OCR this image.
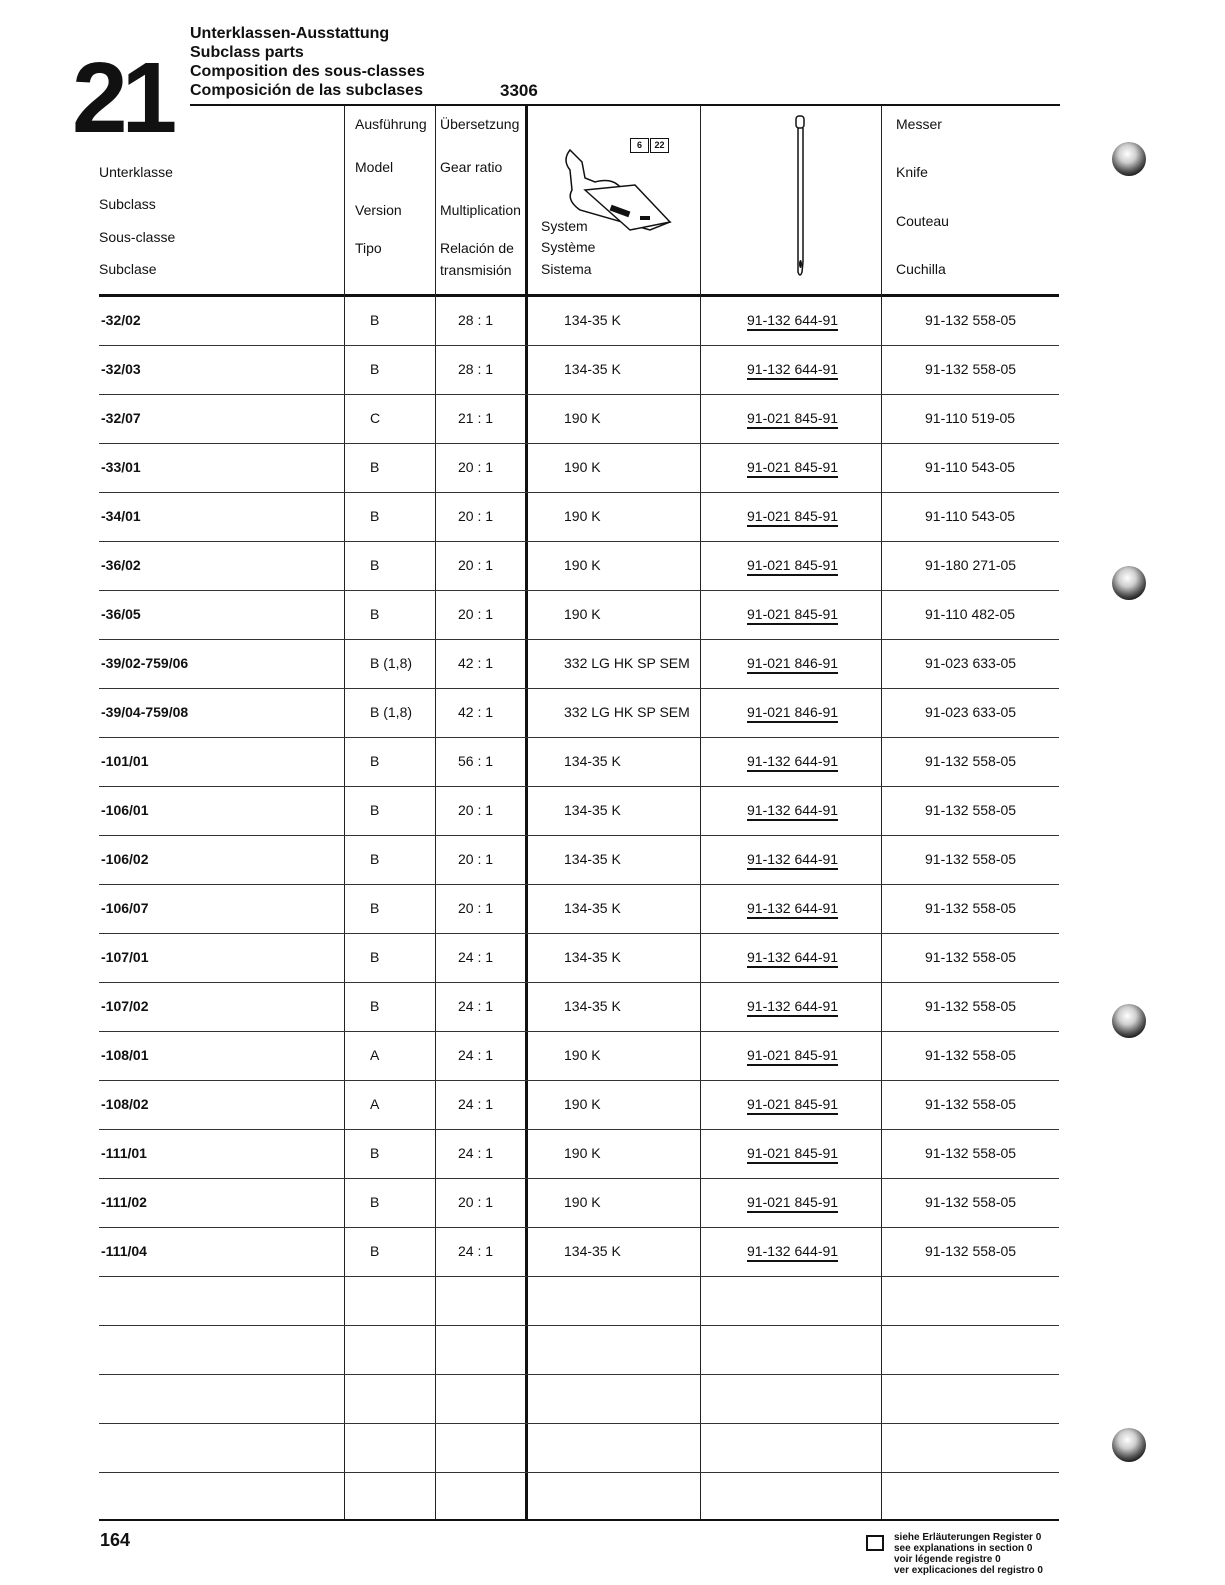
21
Unterklassen-Ausstattung
Subclass parts
Composition des sous-classes
Composición de las subclases	3306
Unterklasse
Subclass
Sous-classe
Subclase
Ausführung
Model
Version
Tipo
Übersetzung
Gear ratio
Multiplication
Relación de
transmisión
System
Système
Sistema
Messer
Knife
Couteau
Cuchilla
6	22
-32/02	B	28 : 1	134-35 K	91-132 644-91	91-132 558-05
-32/03	B	28 : 1	134-35 K	91-132 644-91	91-132 558-05
-32/07	C	21 : 1	190 K	91-021 845-91	91-110 519-05
-33/01	B	20 : 1	190 K	91-021 845-91	91-110 543-05
-34/01	B	20 : 1	190 K	91-021 845-91	91-110 543-05
-36/02	B	20 : 1	190 K	91-021 845-91	91-180 271-05
-36/05	B	20 : 1	190 K	91-021 845-91	91-110 482-05
-39/02-759/06	B (1,8)	42 : 1	332 LG HK SP SEM	91-021 846-91	91-023 633-05
-39/04-759/08	B (1,8)	42 : 1	332 LG HK SP SEM	91-021 846-91	91-023 633-05
-101/01	B	56 : 1	134-35 K	91-132 644-91	91-132 558-05
-106/01	B	20 : 1	134-35 K	91-132 644-91	91-132 558-05
-106/02	B	20 : 1	134-35 K	91-132 644-91	91-132 558-05
-106/07	B	20 : 1	134-35 K	91-132 644-91	91-132 558-05
-107/01	B	24 : 1	134-35 K	91-132 644-91	91-132 558-05
-107/02	B	24 : 1	134-35 K	91-132 644-91	91-132 558-05
-108/01	A	24 : 1	190 K	91-021 845-91	91-132 558-05
-108/02	A	24 : 1	190 K	91-021 845-91	91-132 558-05
-111/01	B	24 : 1	190 K	91-021 845-91	91-132 558-05
-111/02	B	20 : 1	190 K	91-021 845-91	91-132 558-05
-111/04	B	24 : 1	134-35 K	91-132 644-91	91-132 558-05
164	siehe Erläuterungen Register 0
see explanations in section 0
voir légende registre 0
ver explicaciones del registro 0
